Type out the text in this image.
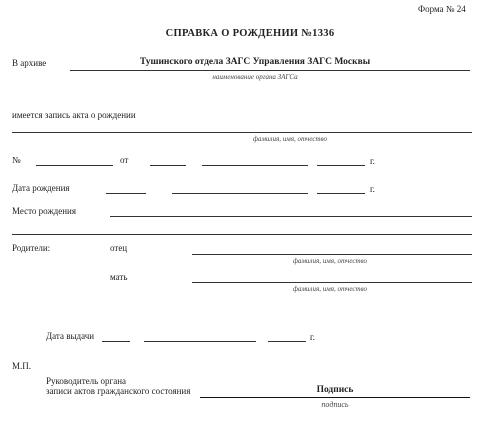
Форма № 24
СПРАВКА О РОЖДЕНИИ №1336
В архиве	Тушинского отдела ЗАГС Управления ЗАГС Москвы
наименование органа ЗАГСа
имеется запись акта о рождении
фамилия, имя, отчество
№	от	г.
Дата рождения	г.
Место рождения
Родители:	отец
фамилия, имя, отчество
мать
фамилия, имя, отчество
Дата выдачи	г.
М.П.
Руководитель органа
записи актов гражданского состояния	Подпись
подпись
